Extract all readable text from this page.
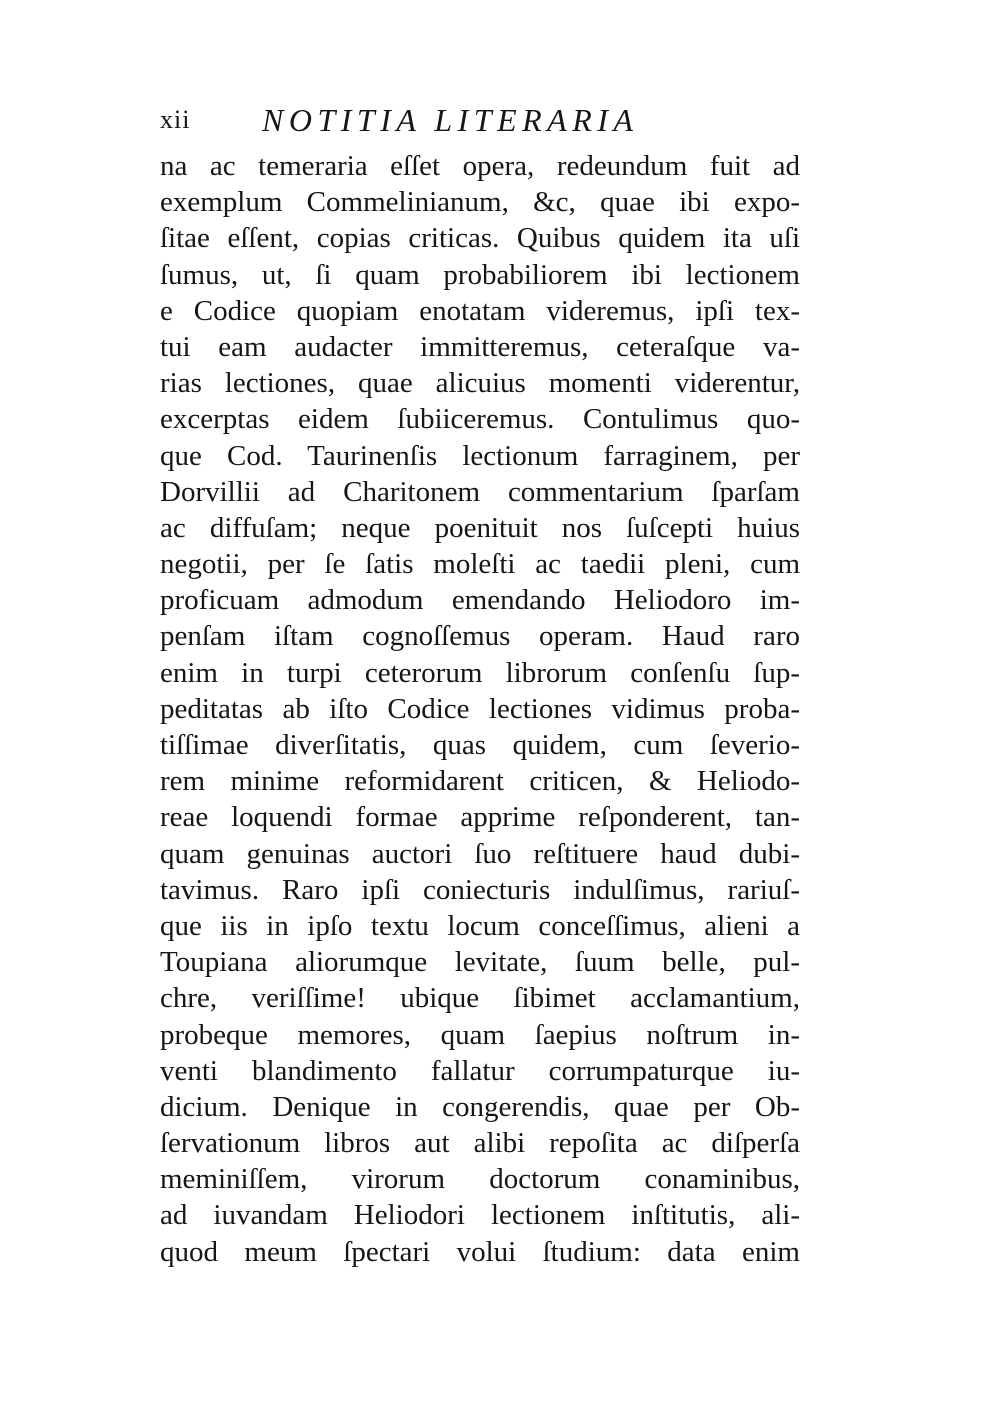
xii NOTITIA LITERARIA
na ac temeraria eſſet opera, redeundum fuit ad
exemplum Commelinianum, &c, quae ibi expo-
ſitae eſſent, copias criticas. Quibus quidem ita uſi
ſumus, ut, ſi quam probabiliorem ibi lectionem
e Codice quopiam enotatam videremus, ipſi tex-
tui eam audacter immitteremus, ceteraſque va-
rias lectiones, quae alicuius momenti viderentur,
excerptas eidem ſubiiceremus. Contulimus quo-
que Cod. Taurinenſis lectionum farraginem, per
Dorvillii ad Charitonem commentarium ſparſam
ac diffuſam; neque poenituit nos ſuſcepti huius
negotii, per ſe ſatis moleſti ac taedii pleni, cum
proficuam admodum emendando Heliodoro im-
penſam iſtam cognoſſemus operam. Haud raro
enim in turpi ceterorum librorum conſenſu ſup-
peditatas ab iſto Codice lectiones vidimus proba-
tiſſimae diverſitatis, quas quidem, cum ſeverio-
rem minime reformidarent criticen, & Heliodo-
reae loquendi formae apprime reſponderent, tan-
quam genuinas auctori ſuo reſtituere haud dubi-
tavimus. Raro ipſi coniecturis indulſimus, rariuſ-
que iis in ipſo textu locum conceſſimus, alieni a
Toupiana aliorumque levitate, ſuum belle, pul-
chre, veriſſime! ubique ſibimet acclamantium,
probeque memores, quam ſaepius noſtrum in-
venti blandimento fallatur corrumpaturque iu-
dicium. Denique in congerendis, quae per Ob-
ſervationum libros aut alibi repoſita ac diſperſa
meminiſſem, virorum doctorum conaminibus,
ad iuvandam Heliodori lectionem inſtitutis, ali-
quod meum ſpectari volui ſtudium: data enim
